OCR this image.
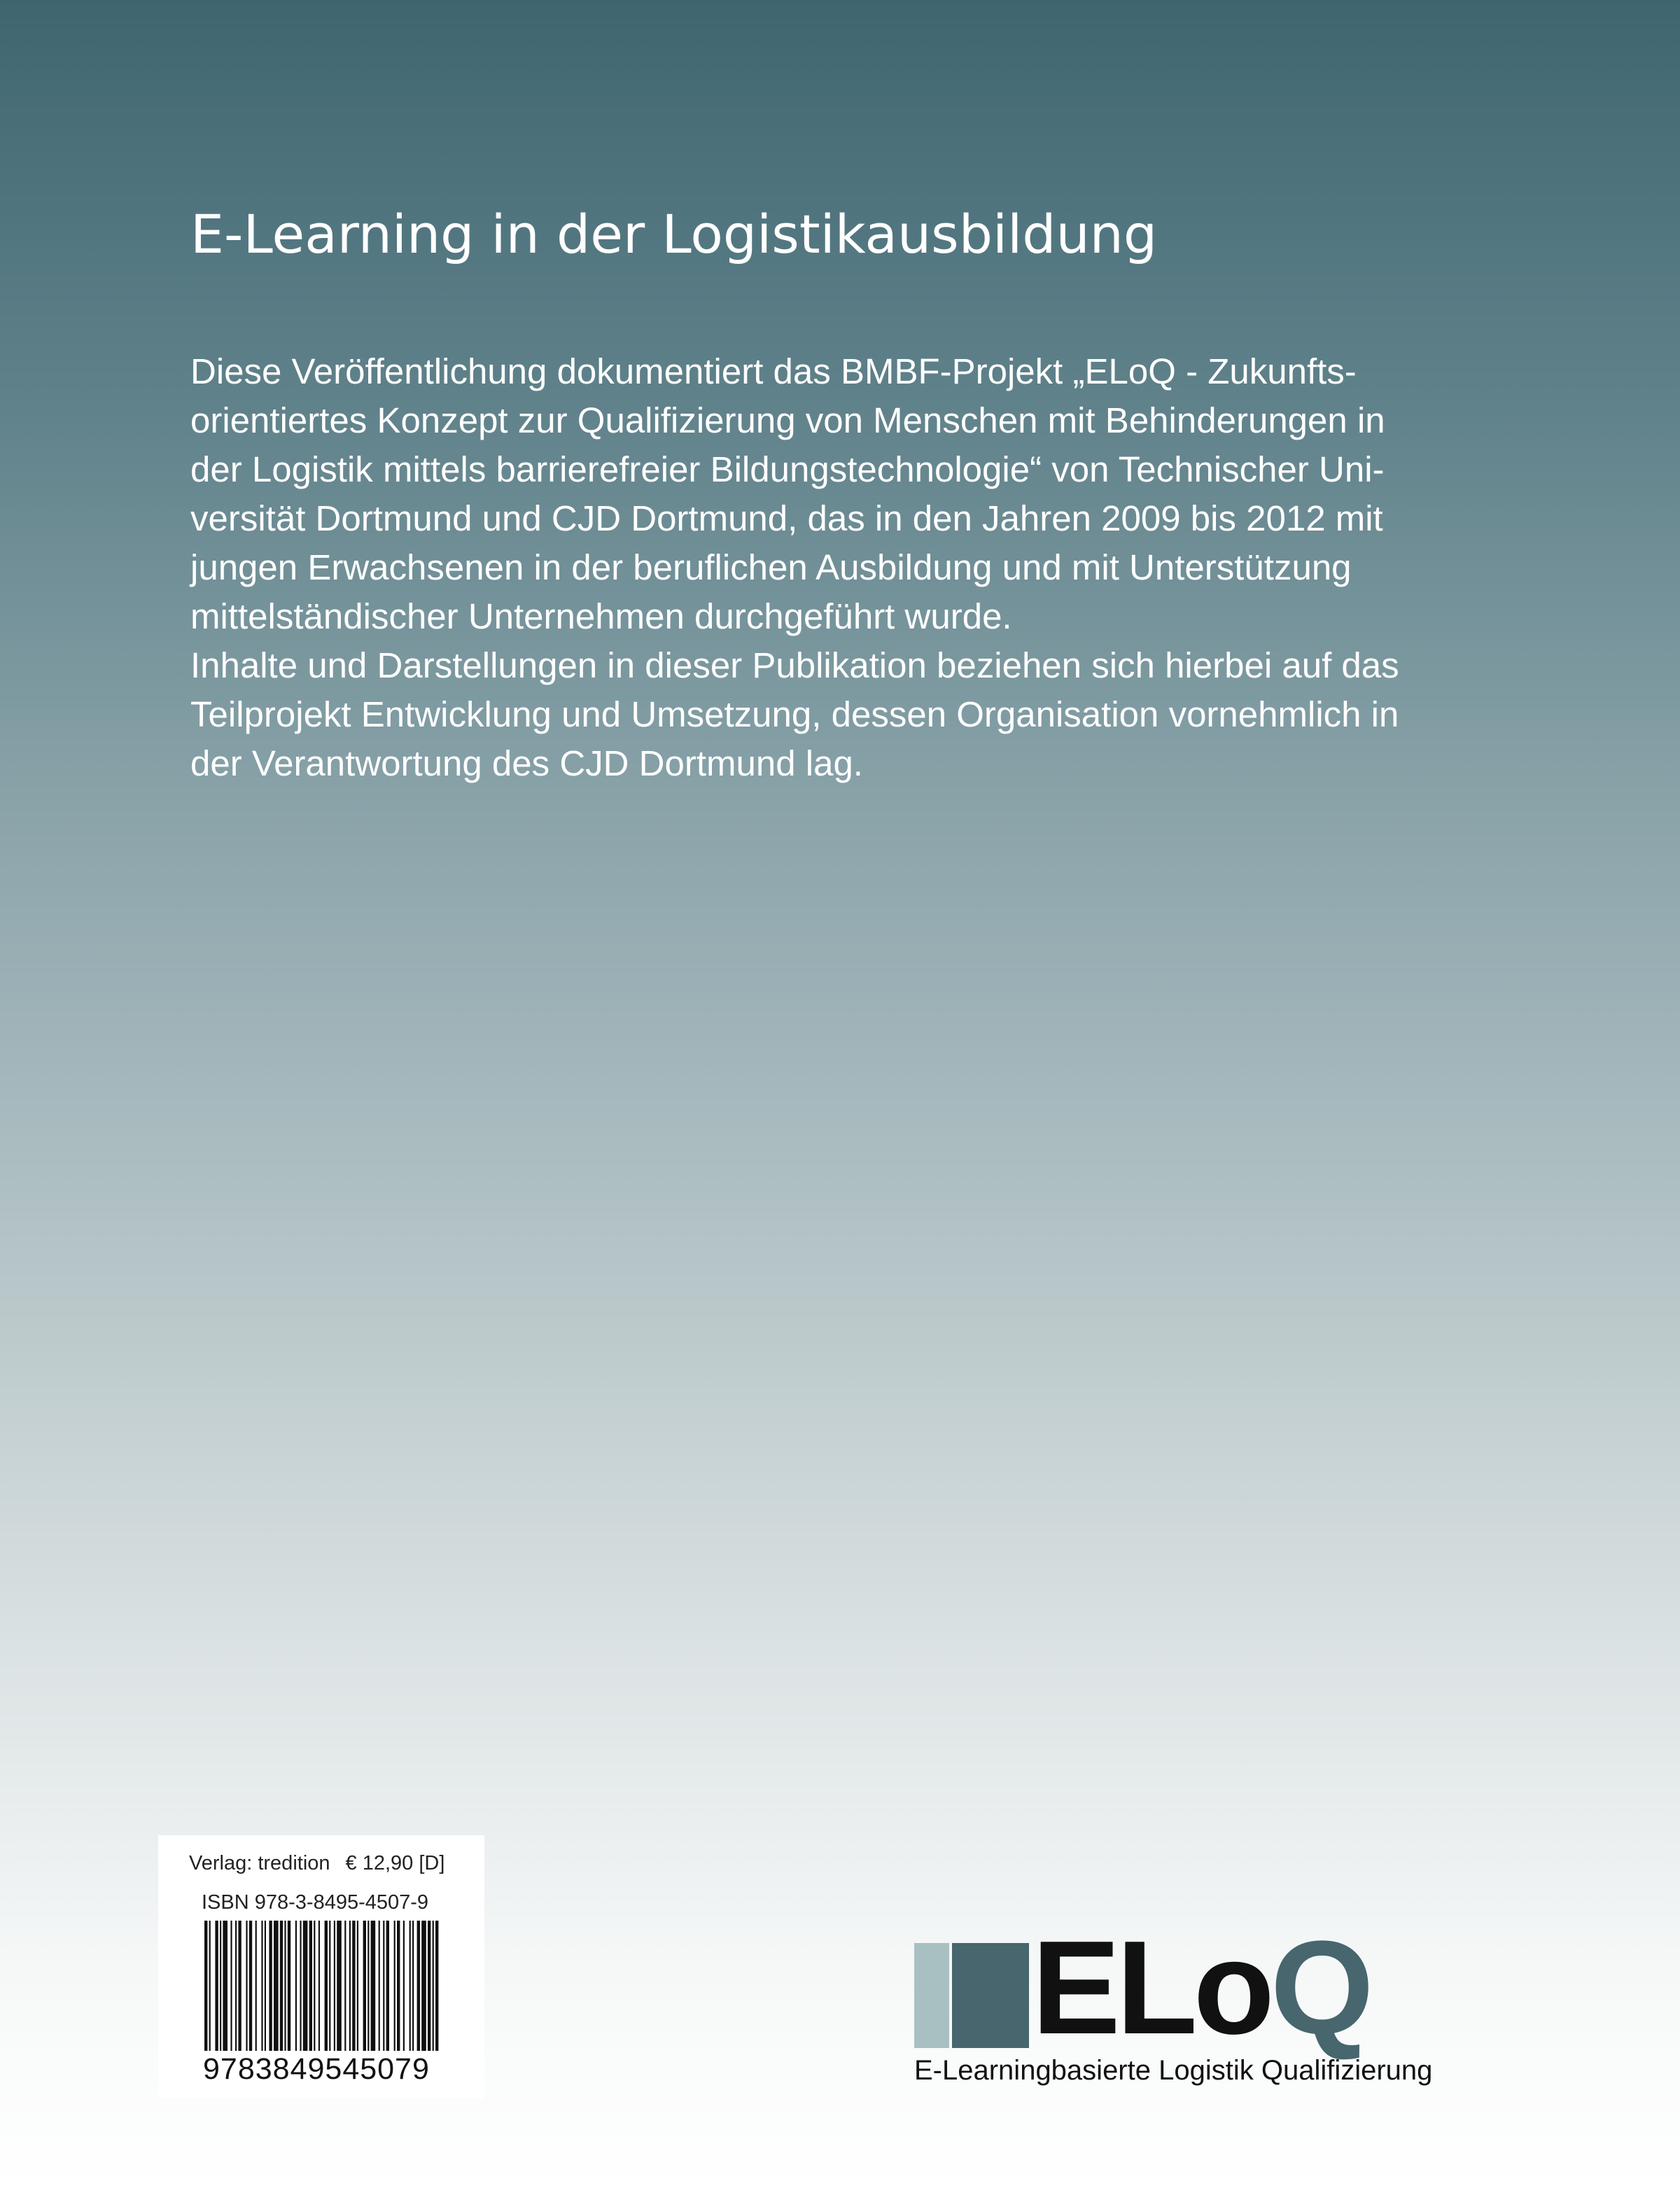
E-Learning in der Logistikausbildung
Diese Veröffentlichung dokumentiert das BMBF-Projekt „ELoQ - Zukunfts-
orientiertes Konzept zur Qualifizierung von Menschen mit Behinderungen in
der Logistik mittels barrierefreier Bildungstechnologie“ von Technischer Uni-
versität Dortmund und CJD Dortmund, das in den Jahren 2009 bis 2012 mit
jungen Erwachsenen in der beruflichen Ausbildung und mit Unterstützung
mittelständischer Unternehmen durchgeführt wurde.
Inhalte und Darstellungen in dieser Publikation beziehen sich hierbei auf das
Teilprojekt Entwicklung und Umsetzung, dessen Organisation vornehmlich in
der Verantwortung des CJD Dortmund lag.
Verlag: tredition € 12,90 [D]
ISBN 978-3-8495-4507-9
9783849545079
ELoQ
E-Learningbasierte Logistik Qualifizierung
